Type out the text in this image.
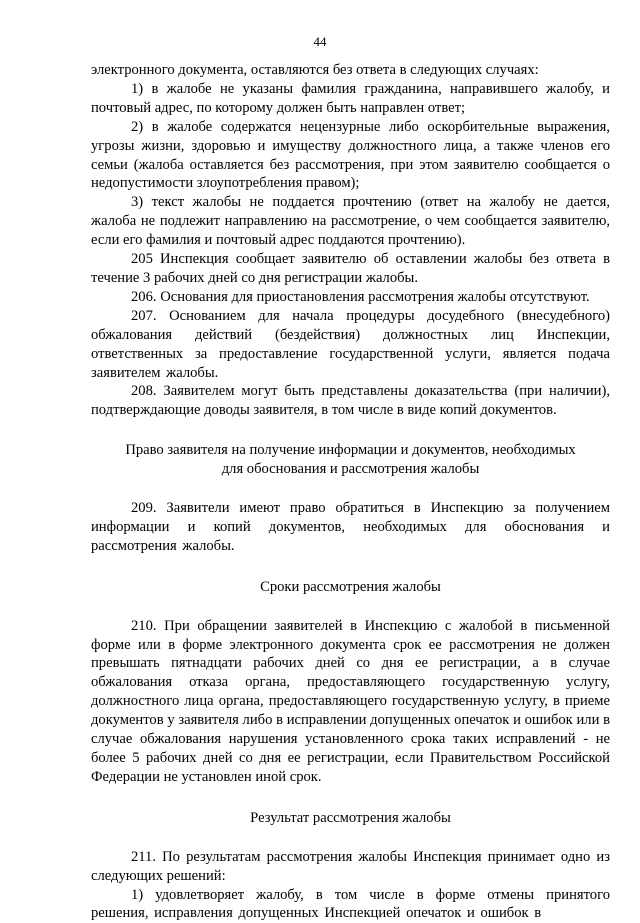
44

электронного документа, оставляются без ответа в следующих случаях:

1) в жалобе не указаны фамилия гражданина, направившего жалобу, и почтовый адрес, по которому должен быть направлен ответ;

2) в жалобе содержатся нецензурные либо оскорбительные выражения, угрозы жизни, здоровью и имуществу должностного лица, а также членов его семьи (жалоба оставляется без рассмотрения, при этом заявителю сообщается о недопустимости злоупотребления правом);

3) текст жалобы не поддается прочтению (ответ на жалобу не дается, жалоба не подлежит направлению на рассмотрение, о чем сообщается заявителю, если его фамилия и почтовый адрес поддаются прочтению).

205 Инспекция сообщает заявителю об оставлении жалобы без ответа в течение 3 рабочих дней со дня регистрации жалобы.

206. Основания для приостановления рассмотрения жалобы отсутствуют.

207. Основанием для начала процедуры досудебного (внесудебного) обжалования действий (бездействия) должностных лиц Инспекции, ответственных за предоставление государственной услуги, является подача заявителем жалобы.

208. Заявителем могут быть представлены доказательства (при наличии), подтверждающие доводы заявителя, в том числе в виде копий документов.

Право заявителя на получение информации и документов, необходимых
для обоснования и рассмотрения жалобы

209. Заявители имеют право обратиться в Инспекцию за получением информации и копий документов, необходимых для обоснования и рассмотрения жалобы.

Сроки рассмотрения жалобы

210. При обращении заявителей в Инспекцию с жалобой в письменной форме или в форме электронного документа срок ее рассмотрения не должен превышать пятнадцати рабочих дней со дня ее регистрации, а в случае обжалования отказа органа, предоставляющего государственную услугу, должностного лица органа, предоставляющего государственную услугу, в приеме документов у заявителя либо в исправлении допущенных опечаток и ошибок или в случае обжалования нарушения установленного срока таких исправлений - не более 5 рабочих дней со дня ее регистрации, если Правительством Российской Федерации не установлен иной срок.

Результат рассмотрения жалобы

211. По результатам рассмотрения жалобы Инспекция принимает одно из следующих решений:

1) удовлетворяет жалобу, в том числе в форме отмены принятого решения, исправления допущенных Инспекцией опечаток и ошибок в
